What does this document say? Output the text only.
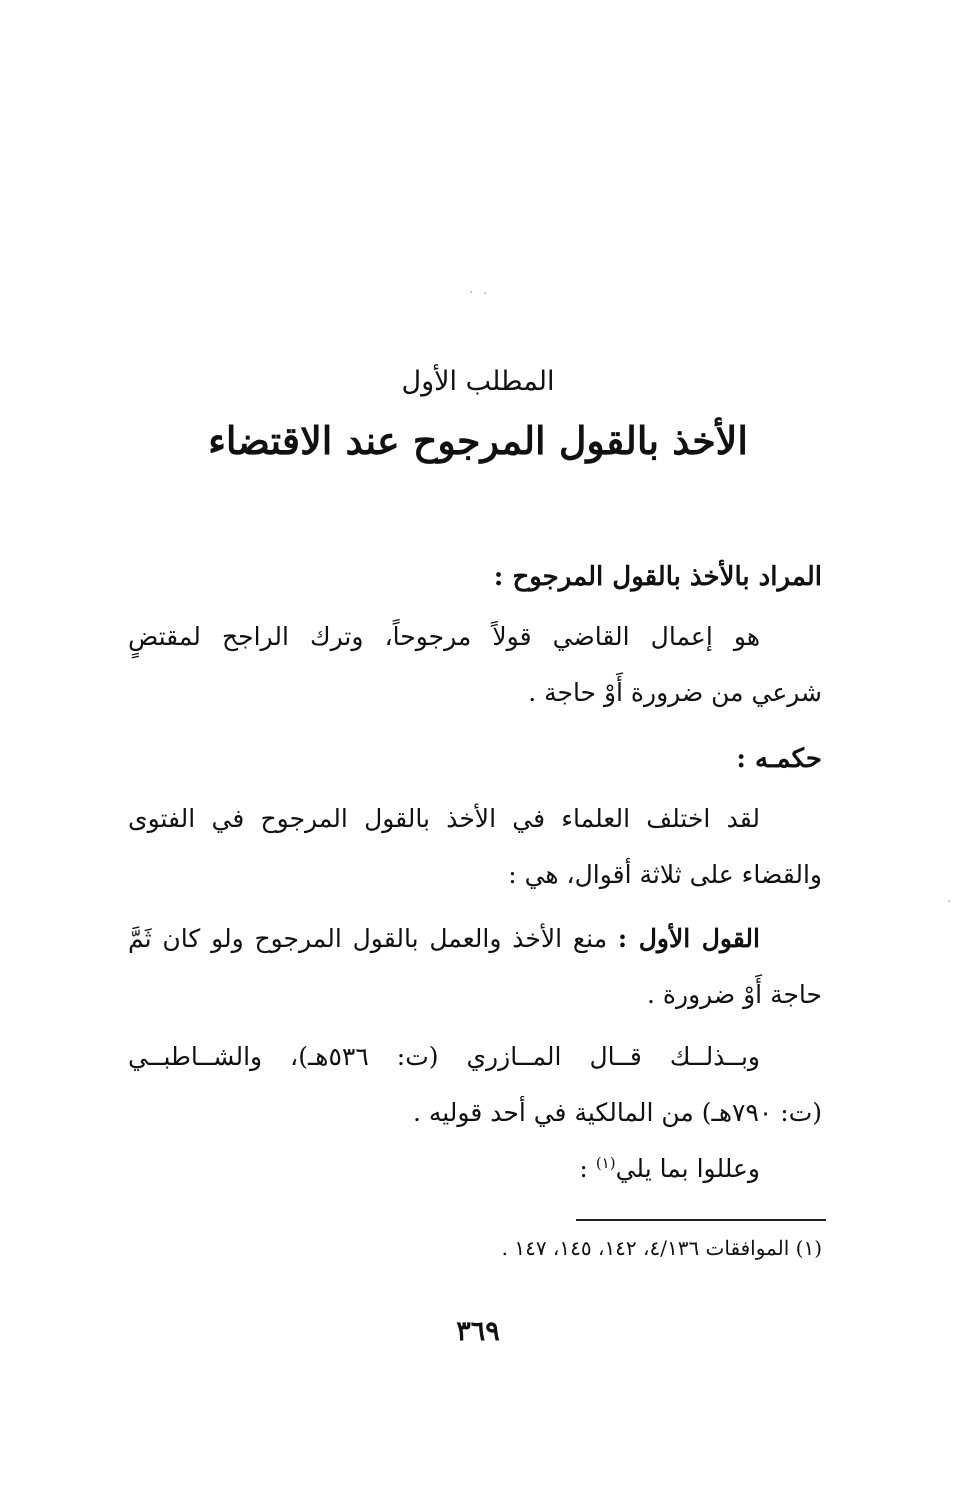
المطلب الأول
الأخذ بالقول المرجوح عند الاقتضاء
المراد بالأخذ بالقول المرجوح :
هو إعمال القاضي قولاً مرجوحاً، وترك الراجح لمقتضٍ
شرعي من ضرورة أَوْ حاجة .
حكمـه :
لقد اختلف العلماء في الأخذ بالقول المرجوح في الفتوى
والقضاء على ثلاثة أقوال، هي :
القول الأول : منع الأخذ والعمل بالقول المرجوح ولو كان ثَمَّ
حاجة أَوْ ضرورة .
وبــذلــك قــال المــازري (ت: ٥٣٦هـ)، والشــاطبــي
(ت: ٧٩٠هـ) من المالكية في أحد قوليه .
وعللوا بما يلي$^{(١)}$ :
(١) الموافقات ٤/١٣٦، ١٤٢، ١٤٥، ١٤٧ .
٣٦٩
